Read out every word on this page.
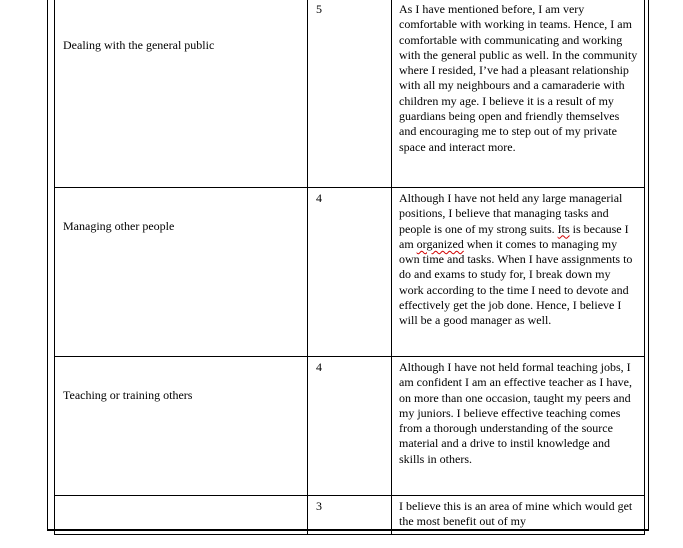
Dealing with the general public	5	As I have mentioned before, I am very comfortable with working in teams. Hence, I am comfortable with communicating and working with the general public as well. In the community where I resided, I’ve had a pleasant relationship with all my neighbours and a camaraderie with children my age. I believe it is a result of my guardians being open and friendly themselves and encouraging me to step out of my private space and interact more.

Managing other people	4	Although I have not held any large managerial positions, I believe that managing tasks and people is one of my strong suits. Its is because I am organized when it comes to managing my own time and tasks. When I have assignments to do and exams to study for, I break down my work according to the time I need to devote and effectively get the job done. Hence, I believe I will be a good manager as well.

Teaching or training others	4	Although I have not held formal teaching jobs, I am confident I am an effective teacher as I have, on more than one occasion, taught my peers and my juniors. I believe effective teaching comes from a thorough understanding of the source material and a drive to instil knowledge and skills in others.

	3	I believe this is an area of mine which would get the most benefit out of my
